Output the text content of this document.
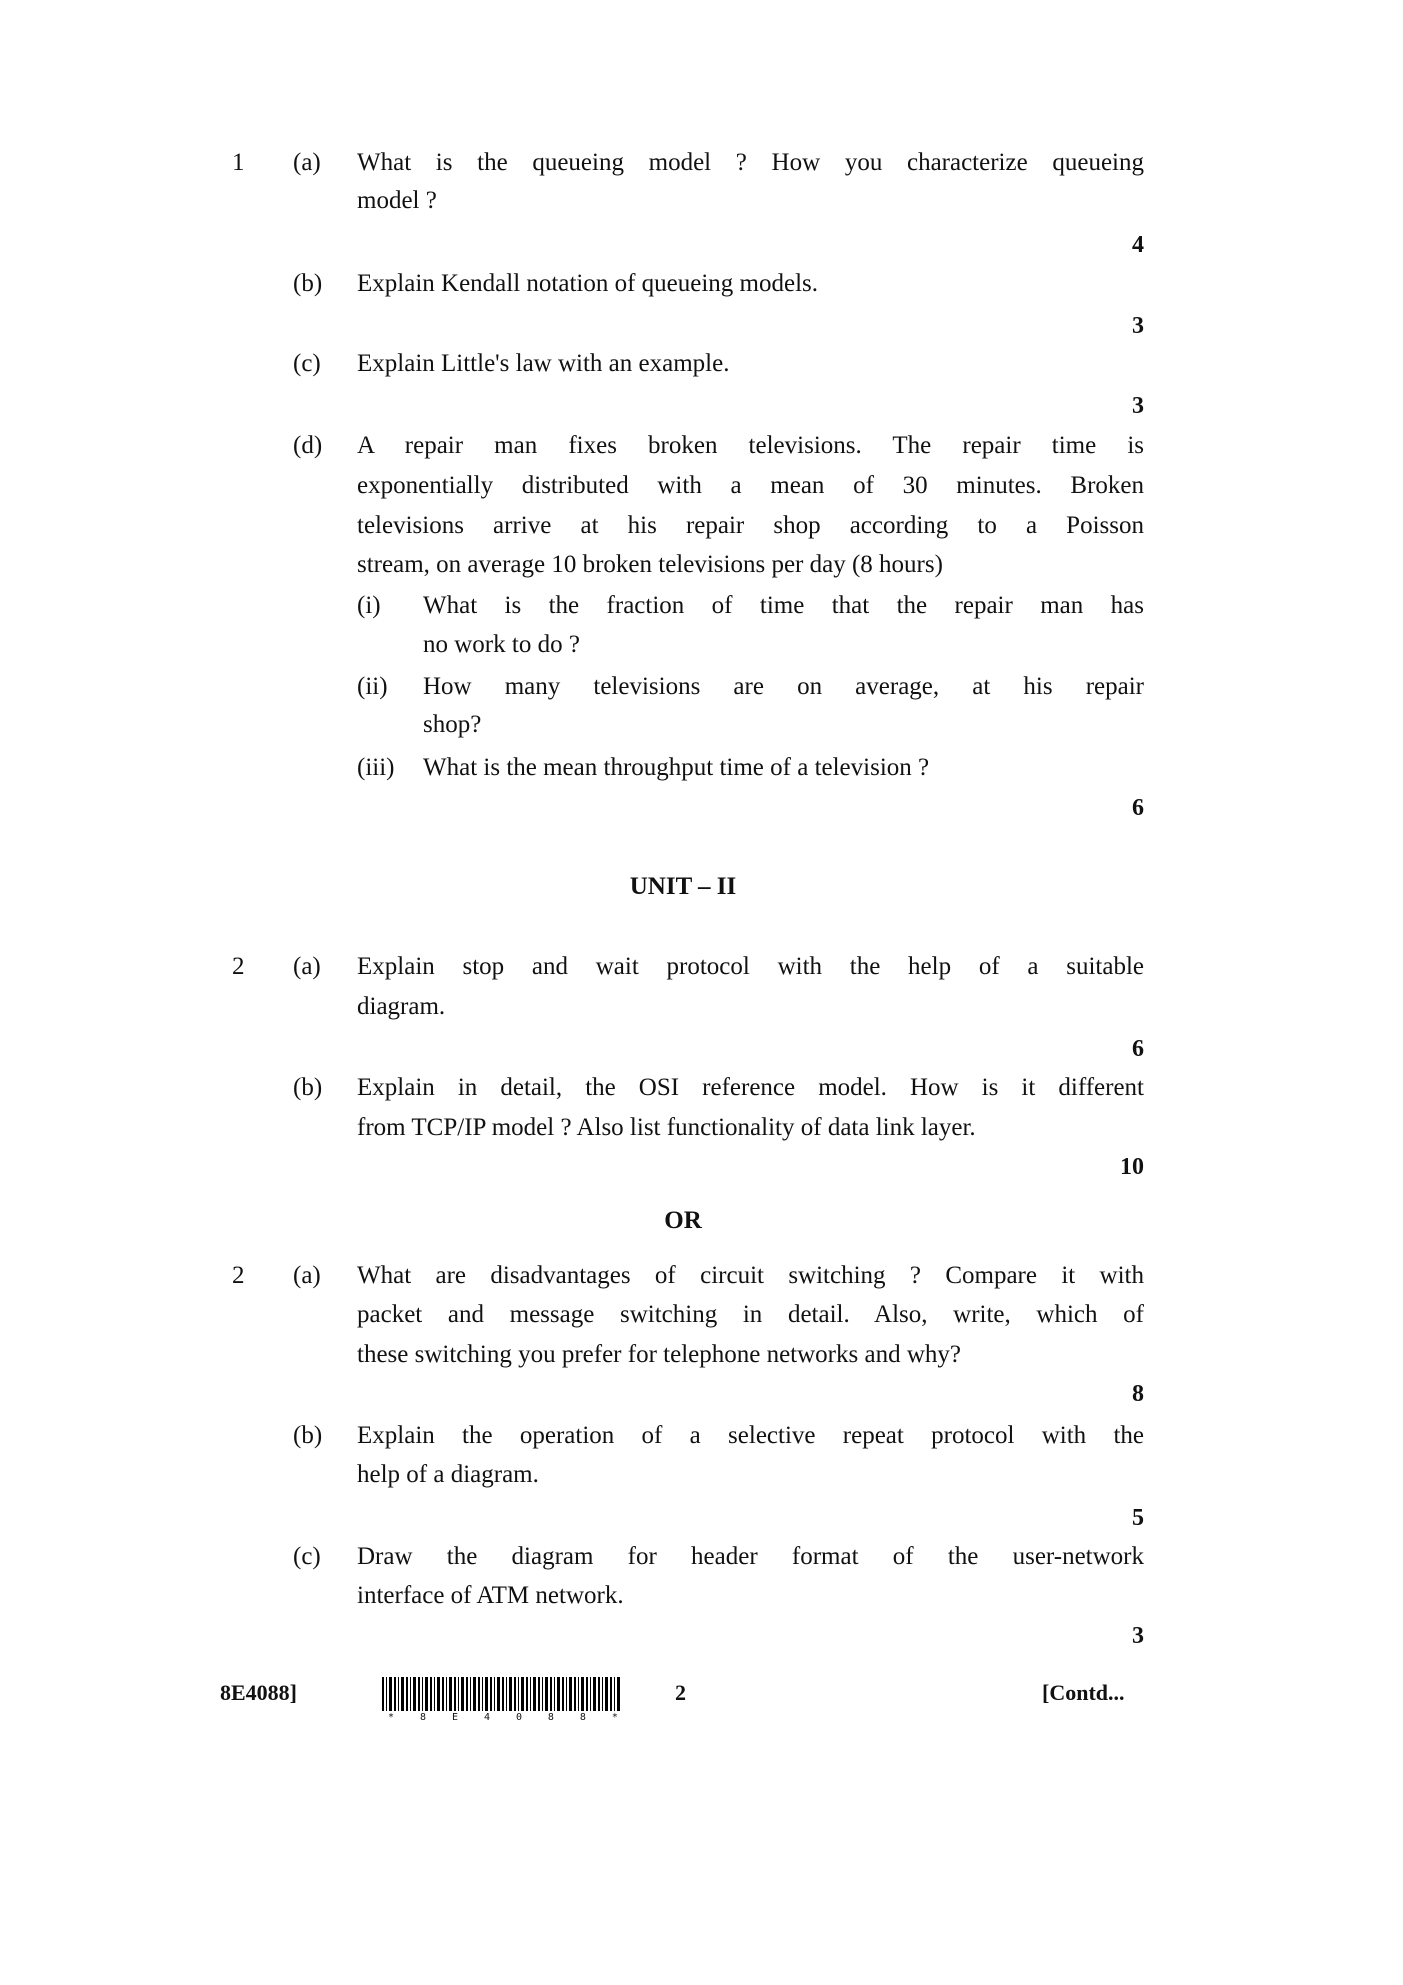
1 (a) What is the queueing model ? How you characterize queueing
model ?
4
(b) Explain Kendall notation of queueing models.
3
(c) Explain Little's law with an example.
3
(d) A repair man fixes broken televisions. The repair time is
exponentially distributed with a mean of 30 minutes. Broken
televisions arrive at his repair shop according to a Poisson
stream, on average 10 broken televisions per day (8 hours)
(i) What is the fraction of time that the repair man has
no work to do ?
(ii) How many televisions are on average, at his repair
shop?
(iii) What is the mean throughput time of a television ?
6
UNIT – II
2 (a) Explain stop and wait protocol with the help of a suitable
diagram.
6
(b) Explain in detail, the OSI reference model. How is it different
from TCP/IP model ? Also list functionality of data link layer.
10
OR
2 (a) What are disadvantages of circuit switching ? Compare it with
packet and message switching in detail. Also, write, which of
these switching you prefer for telephone networks and why?
8
(b) Explain the operation of a selective repeat protocol with the
help of a diagram.
5
(c) Draw the diagram for header format of the user-network
interface of ATM network.
3
8E4088]
*	8	E	4	0	8	8	*
2	[Contd...
